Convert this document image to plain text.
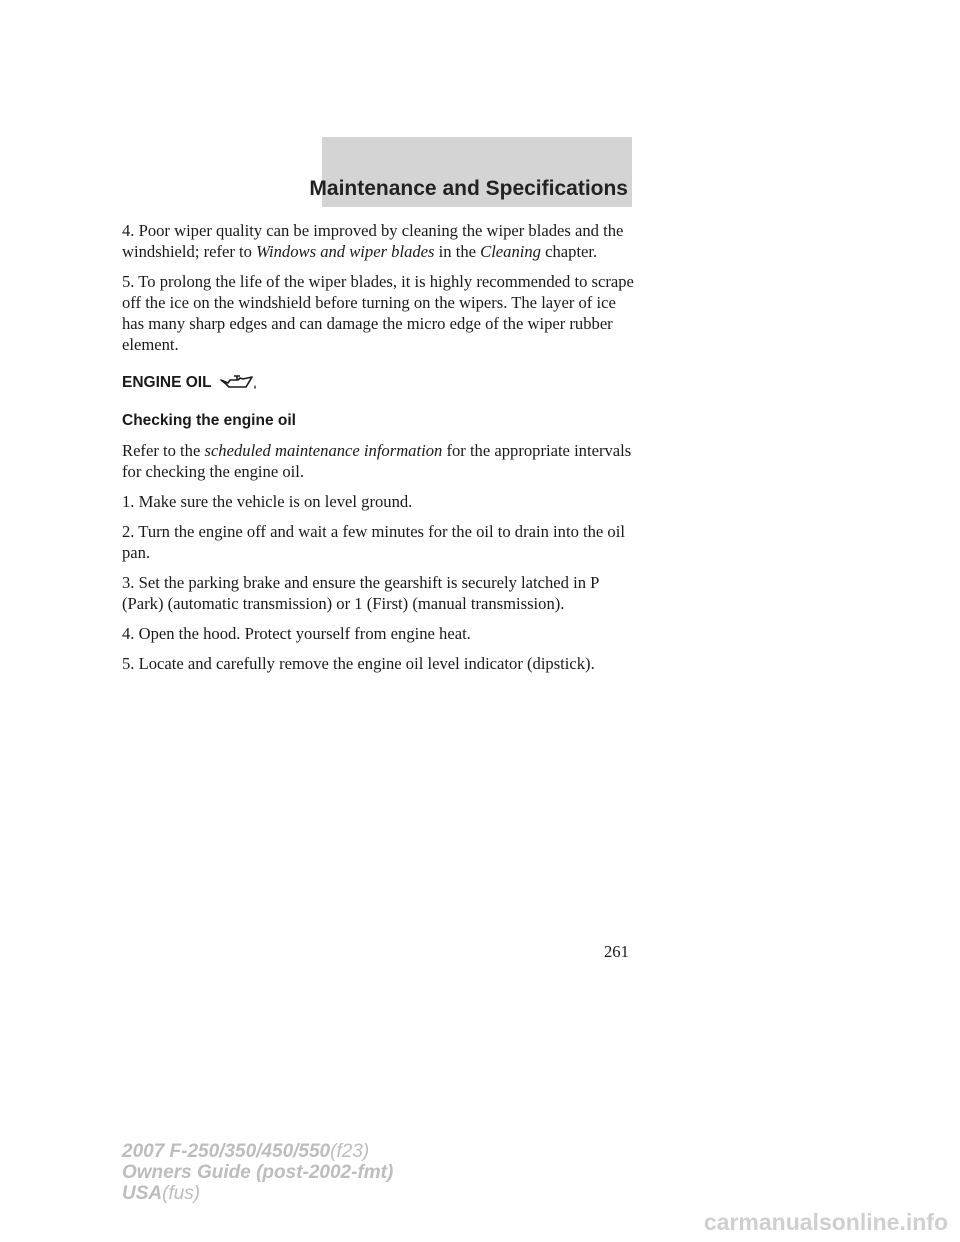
Maintenance and Specifications

4. Poor wiper quality can be improved by cleaning the wiper blades and the windshield; refer to Windows and wiper blades in the Cleaning chapter.

5. To prolong the life of the wiper blades, it is highly recommended to scrape off the ice on the windshield before turning on the wipers. The layer of ice has many sharp edges and can damage the micro edge of the wiper rubber element.

ENGINE OIL
Checking the engine oil

Refer to the scheduled maintenance information for the appropriate intervals for checking the engine oil.

1. Make sure the vehicle is on level ground.

2. Turn the engine off and wait a few minutes for the oil to drain into the oil pan.

3. Set the parking brake and ensure the gearshift is securely latched in P (Park) (automatic transmission) or 1 (First) (manual transmission).

4. Open the hood. Protect yourself from engine heat.

5. Locate and carefully remove the engine oil level indicator (dipstick).

261
2007 F-250/350/450/550(f23)
Owners Guide (post-2002-fmt)
USA(fus)
carmanualsonline.info
